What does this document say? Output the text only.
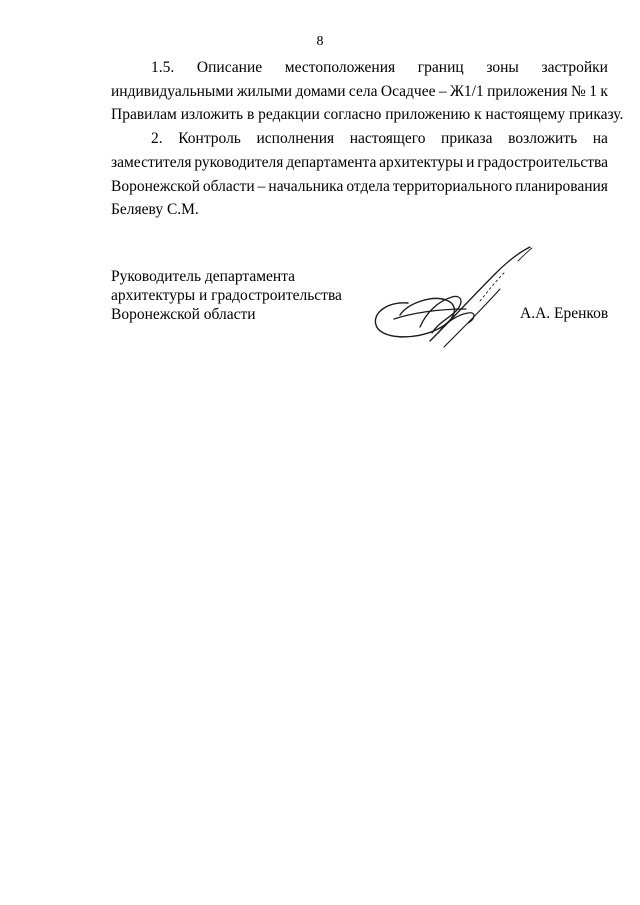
8
1.5. Описание местоположения границ зоны застройки
индивидуальными жилыми домами села Осадчее – Ж1/1 приложения № 1 к
Правилам изложить в редакции согласно приложению к настоящему приказу.
2. Контроль исполнения настоящего приказа возложить на
заместителя руководителя департамента архитектуры и градостроительства
Воронежской области – начальника отдела территориального планирования
Беляеву С.М.
Руководитель департамента
архитектуры и градостроительства
Воронежской области	А.А. Еренков
